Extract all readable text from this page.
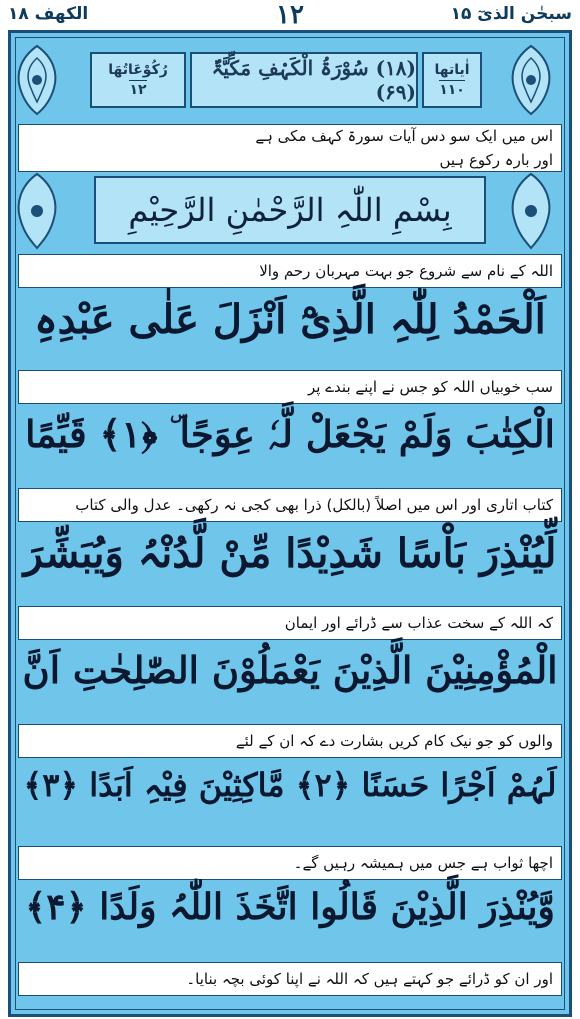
سبحٰن الذیٓ ۱۵
۱۲
الکھف ۱۸
رُکُوْعَاتُھَا
۱۲
(۱۸) سُوْرَۃُ الْکَہْفِ مَکِّیَّۃٌ (۶۹)
اٰیاتھا
۱۱۰
اس میں ایک سو دس آیات سورۃ کہف مکی ہے
اور بارہ رکوع ہیں
بِسْمِ اللّٰہِ الرَّحْمٰنِ الرَّحِیْمِ
اللہ کے نام سے شروع جو بہت مہربان رحم والا
اَلْحَمْدُ لِلّٰہِ الَّذِیْٓ اَنْزَلَ عَلٰی عَبْدِہِ
سب خوبیاں اللہ کو جس نے اپنے بندے پر
الْکِتٰبَ وَلَمْ یَجْعَلْ لَّہٗ عِوَجًا ۜ ﴿۱﴾ قَیِّمًا
کتاب اتاری اور اس میں اصلاً (بالکل) ذرا بھی کجی نہ رکھی۔ عدل والی کتاب
لِّیُنْذِرَ بَاْسًا شَدِیْدًا مِّنْ لَّدُنْہُ وَیُبَشِّرَ
کہ اللہ کے سخت عذاب سے ڈرائے اور ایمان
الْمُؤْمِنِیْنَ الَّذِیْنَ یَعْمَلُوْنَ الصّٰلِحٰتِ اَنَّ
والوں کو جو نیک کام کریں بشارت دے کہ ان کے لئے
لَہُمْ اَجْرًا حَسَنًا ﴿۲﴾ مَّاکِثِیْنَ فِیْہِ اَبَدًا ﴿۳﴾
اچھا ثواب ہے جس میں ہمیشہ رہیں گے۔
وَّیُنْذِرَ الَّذِیْنَ قَالُوا اتَّخَذَ اللّٰہُ وَلَدًا ﴿۴﴾
اور ان کو ڈرائے جو کہتے ہیں کہ اللہ نے اپنا کوئی بچہ بنایا۔
